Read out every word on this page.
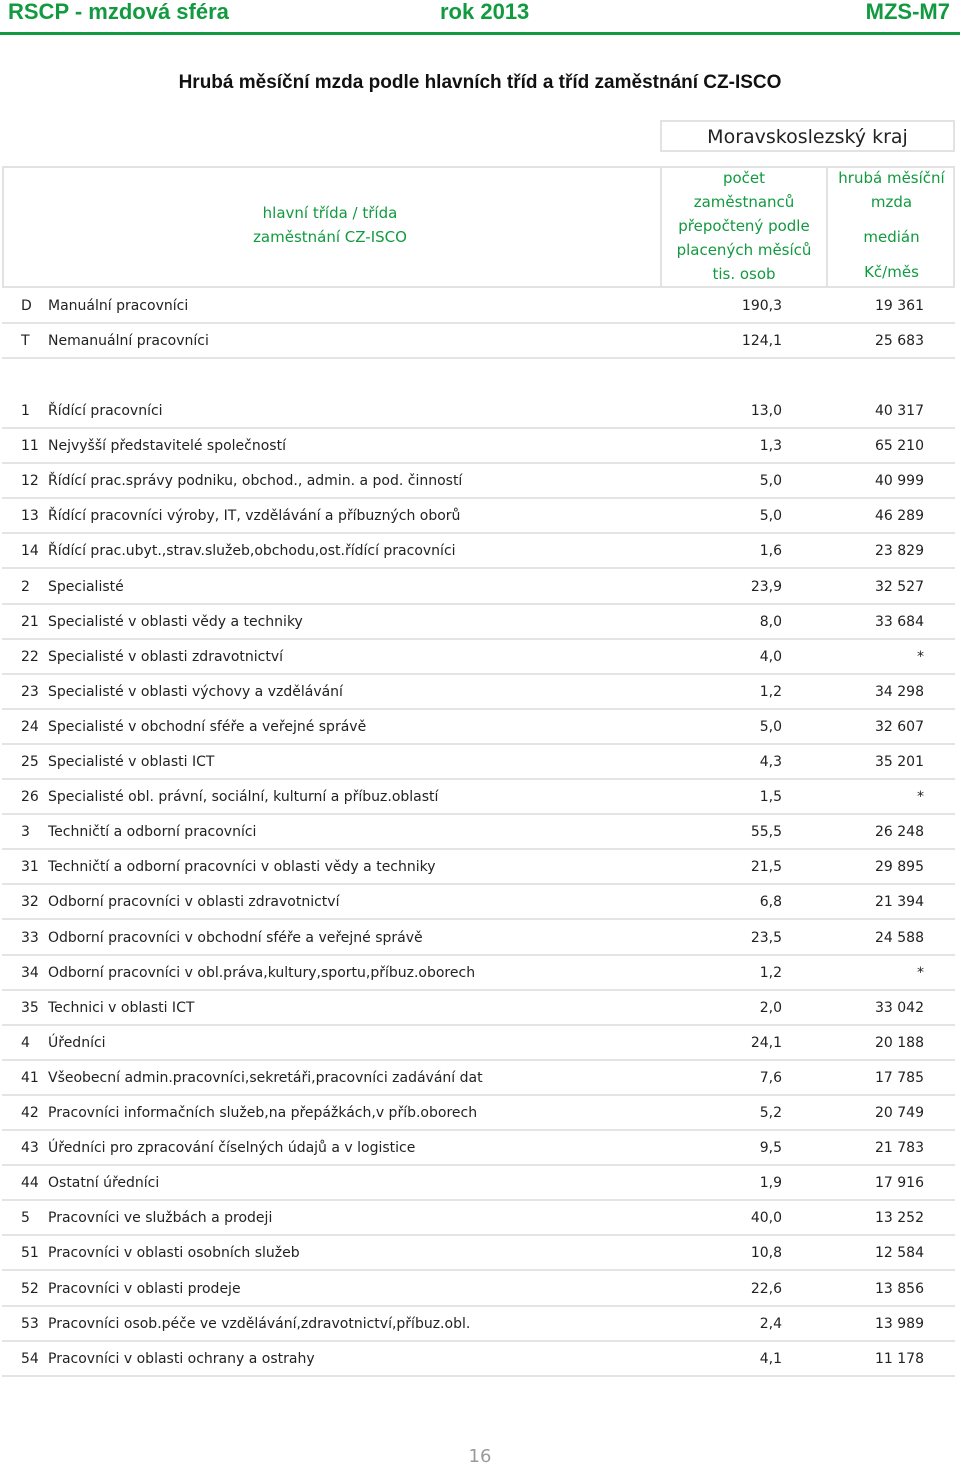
RSCP - mzdová sféra	rok 2013	MZS-M7
Hrubá měsíční mzda podle hlavních tříd a tříd zaměstnání CZ-ISCO
Moravskoslezský kraj
hlavní třída / třída
zaměstnání CZ-ISCO
počet
zaměstnanců
přepočtený podle
placených měsíců
tis. osob
hrubá měsíční
mzda
medián
Kč/měs
D Manuální pracovníci	190,3	19 361
T Nemanuální pracovníci	124,1	25 683
1 Řídící pracovníci	13,0	40 317
11 Nejvyšší představitelé společností	1,3	65 210
12 Řídící prac.správy podniku, obchod., admin. a pod. činností	5,0	40 999
13 Řídící pracovníci výroby, IT, vzdělávání a příbuzných oborů	5,0	46 289
14 Řídící prac.ubyt.,strav.služeb,obchodu,ost.řídící pracovníci	1,6	23 829
2 Specialisté	23,9	32 527
21 Specialisté v oblasti vědy a techniky	8,0	33 684
22 Specialisté v oblasti zdravotnictví	4,0	*
23 Specialisté v oblasti výchovy a vzdělávání	1,2	34 298
24 Specialisté v obchodní sféře a veřejné správě	5,0	32 607
25 Specialisté v oblasti ICT	4,3	35 201
26 Specialisté obl. právní, sociální, kulturní a příbuz.oblastí	1,5	*
3 Techničtí a odborní pracovníci	55,5	26 248
31 Techničtí a odborní pracovníci v oblasti vědy a techniky	21,5	29 895
32 Odborní pracovníci v oblasti zdravotnictví	6,8	21 394
33 Odborní pracovníci v obchodní sféře a veřejné správě	23,5	24 588
34 Odborní pracovníci v obl.práva,kultury,sportu,příbuz.oborech	1,2	*
35 Technici v oblasti ICT	2,0	33 042
4 Úředníci	24,1	20 188
41 Všeobecní admin.pracovníci,sekretáři,pracovníci zadávání dat	7,6	17 785
42 Pracovníci informačních služeb,na přepážkách,v příb.oborech	5,2	20 749
43 Úředníci pro zpracování číselných údajů a v logistice	9,5	21 783
44 Ostatní úředníci	1,9	17 916
5 Pracovníci ve službách a prodeji	40,0	13 252
51 Pracovníci v oblasti osobních služeb	10,8	12 584
52 Pracovníci v oblasti prodeje	22,6	13 856
53 Pracovníci osob.péče ve vzdělávání,zdravotnictví,příbuz.obl.	2,4	13 989
54 Pracovníci v oblasti ochrany a ostrahy	4,1	11 178
16
